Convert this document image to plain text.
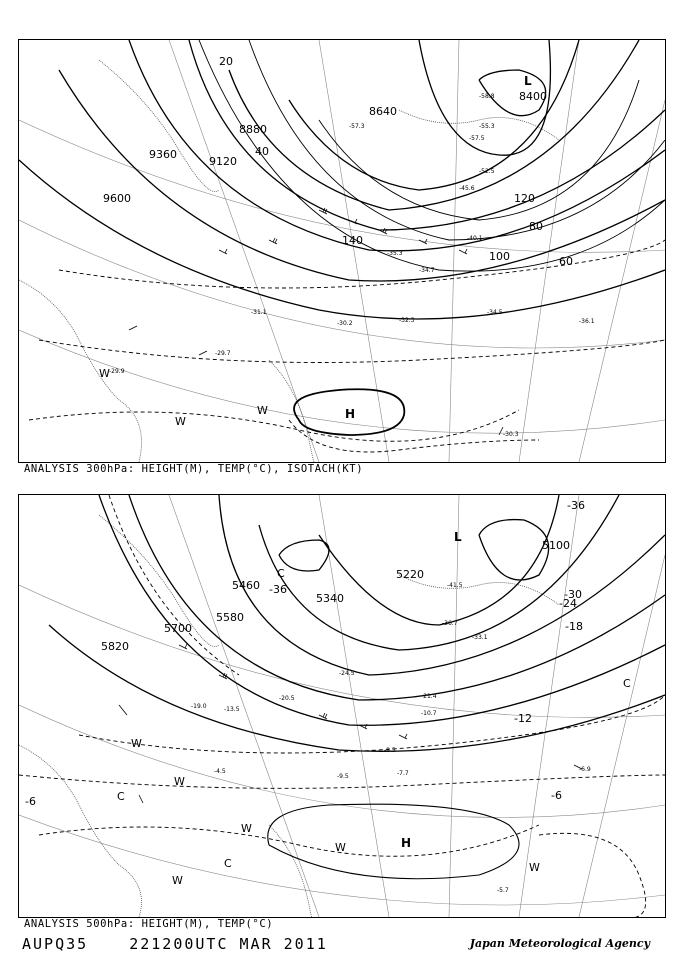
9600
9360
9120
8880
8640
8400
20
40
60
80
100
120
140
-57.5
-52.5
-45.6
-40.1
-35.3
-34.7
-32.3
-34.5
-36.1
-30.3
-31.1
-30.2
-29.7
-29.9
-58.8
-55.3
-57.3
L
H
W
W
W
ANALYSIS 300hPa: HEIGHT(M), TEMP(°C), ISOTACH(KT)
5820
5700
5580
5460
5340
5220
5100
-36	-30
-24
-18
-12
-6
-6
-36
-41.5
-36.7
-33.1
-24.5
-21.4
-10.7
-9.5
-8.5
-7.7
-6.9
-5.7
-4.5
-13.5
-19.0
-20.5
L
H
C
C
C
C
W
W
W
W
W
W
ANALYSIS 500hPa: HEIGHT(M), TEMP(°C)
AUPQ35	221200UTC MAR 2011	Japan Meteorological Agency
